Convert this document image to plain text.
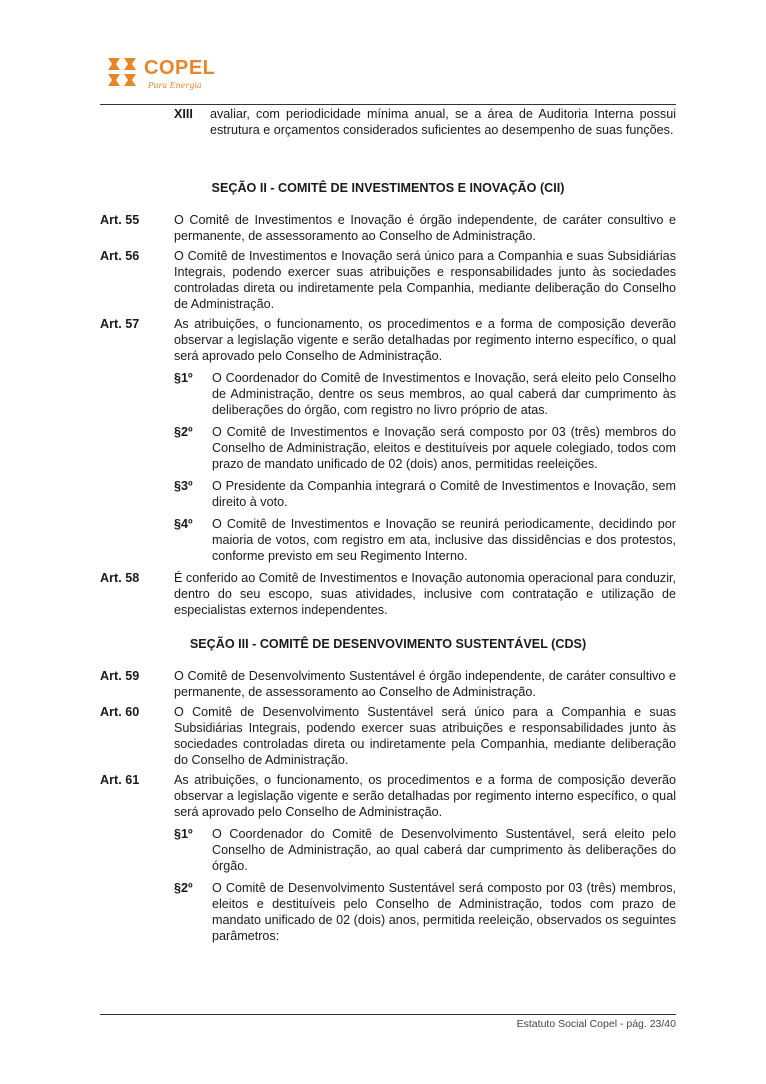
COPEL
Pura Energia
XIII	avaliar, com periodicidade mínima anual, se a área de Auditoria Interna possui estrutura e orçamentos considerados suficientes ao desempenho de suas funções.
SEÇÃO II - COMITÊ DE INVESTIMENTOS E INOVAÇÃO (CII)
Art. 55	O Comitê de Investimentos e Inovação é órgão independente, de caráter consultivo e permanente, de assessoramento ao Conselho de Administração.
Art. 56	O Comitê de Investimentos e Inovação será único para a Companhia e suas Subsidiárias Integrais, podendo exercer suas atribuições e responsabilidades junto às sociedades controladas direta ou indiretamente pela Companhia, mediante deliberação do Conselho de Administração.
Art. 57	As atribuições, o funcionamento, os procedimentos e a forma de composição deverão observar a legislação vigente e serão detalhadas por regimento interno específico, o qual será aprovado pelo Conselho de Administração.
§1º	O Coordenador do Comitê de Investimentos e Inovação, será eleito pelo Conselho de Administração, dentre os seus membros, ao qual caberá dar cumprimento às deliberações do órgão, com registro no livro próprio de atas.
§2º	O Comitê de Investimentos e Inovação será composto por 03 (três) membros do Conselho de Administração, eleitos e destituíveis por aquele colegiado, todos com prazo de mandato unificado de 02 (dois) anos, permitidas reeleições.
§3º	O Presidente da Companhia integrará o Comitê de Investimentos e Inovação, sem direito à voto.
§4º	O Comitê de Investimentos e Inovação se reunirá periodicamente, decidindo por maioria de votos, com registro em ata, inclusive das dissidências e dos protestos, conforme previsto em seu Regimento Interno.
Art. 58	É conferido ao Comitê de Investimentos e Inovação autonomia operacional para conduzir, dentro do seu escopo, suas atividades, inclusive com contratação e utilização de especialistas externos independentes.
SEÇÃO III - COMITÊ DE DESENVOVIMENTO SUSTENTÁVEL (CDS)
Art. 59	O Comitê de Desenvolvimento Sustentável é órgão independente, de caráter consultivo e permanente, de assessoramento ao Conselho de Administração.
Art. 60	O Comitê de Desenvolvimento Sustentável será único para a Companhia e suas Subsidiárias Integrais, podendo exercer suas atribuições e responsabilidades junto às sociedades controladas direta ou indiretamente pela Companhia, mediante deliberação do Conselho de Administração.
Art. 61	As atribuições, o funcionamento, os procedimentos e a forma de composição deverão observar a legislação vigente e serão detalhadas por regimento interno específico, o qual será aprovado pelo Conselho de Administração.
§1º	O Coordenador do Comitê de Desenvolvimento Sustentável, será eleito pelo Conselho de Administração, ao qual caberá dar cumprimento às deliberações do órgão.
§2º	O Comitê de Desenvolvimento Sustentável será composto por 03 (três) membros, eleitos e destituíveis pelo Conselho de Administração, todos com prazo de mandato unificado de 02 (dois) anos, permitida reeleição, observados os seguintes parâmetros:
Estatuto Social Copel - pág. 23/40
